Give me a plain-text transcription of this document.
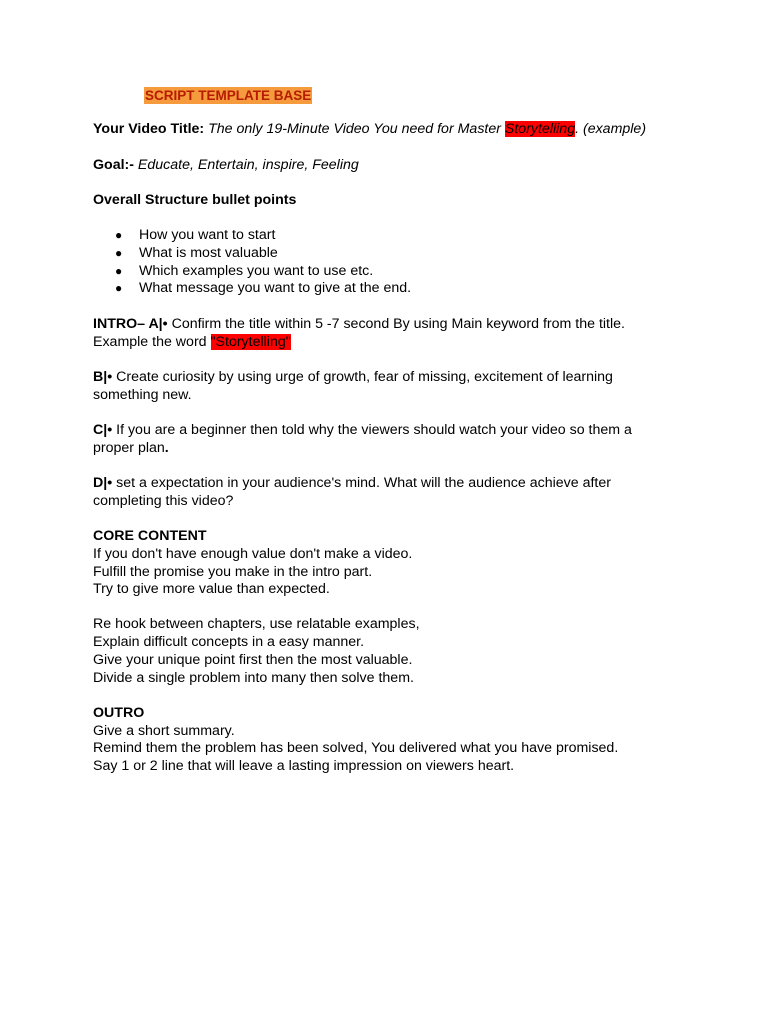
SCRIPT TEMPLATE BASE
Your Video Title: The only 19-Minute Video You need for Master Storytelling. (example)
Goal:- Educate, Entertain, inspire, Feeling
Overall Structure bullet points
● How you want to start
● What is most valuable
● Which examples you want to use etc.
● What message you want to give at the end.
INTRO– A|• Confirm the title within 5 -7 second By using Main keyword from the title.
Example the word "Storytelling"
B|• Create curiosity by using urge of growth, fear of missing, excitement of learning
something new.
C|• If you are a beginner then told why the viewers should watch your video so them a
proper plan.
D|• set a expectation in your audience's mind. What will the audience achieve after
completing this video?
CORE CONTENT
If you don't have enough value don't make a video.
Fulfill the promise you make in the intro part.
Try to give more value than expected.
Re hook between chapters, use relatable examples,
Explain difficult concepts in a easy manner.
Give your unique point first then the most valuable.
Divide a single problem into many then solve them.
OUTRO
Give a short summary.
Remind them the problem has been solved, You delivered what you have promised.
Say 1 or 2 line that will leave a lasting impression on viewers heart.
